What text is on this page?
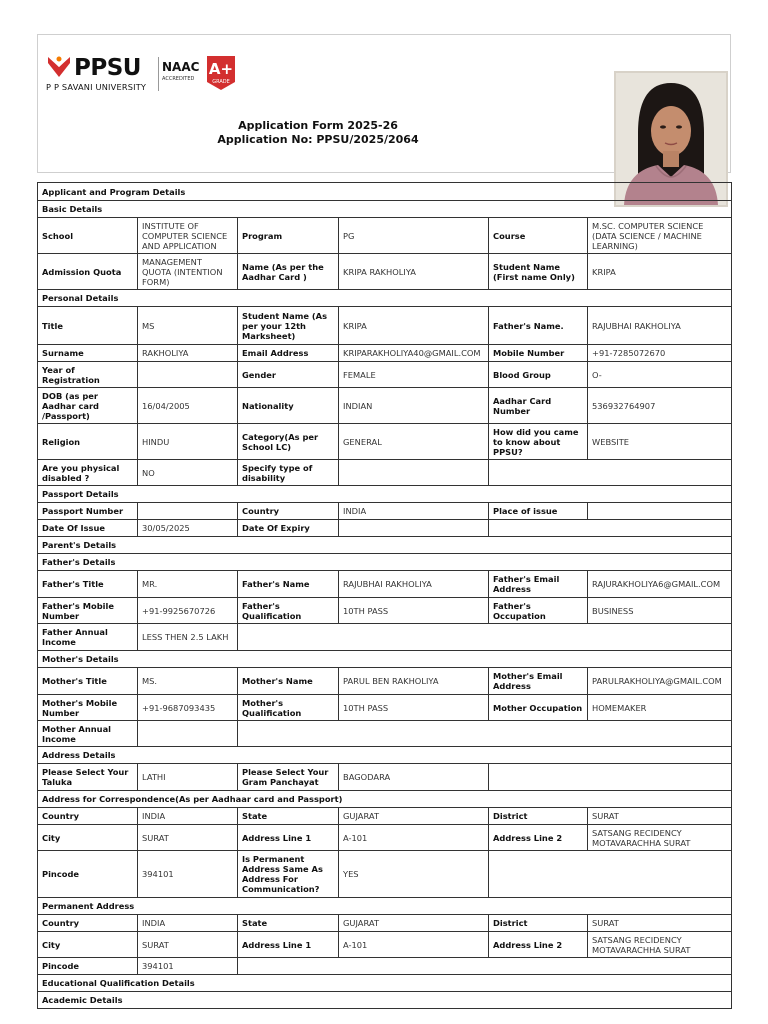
PPSU
P P SAVANI UNIVERSITY
NAAC
ACCREDITED
A+
GRADE
Application Form 2025-26
Application No: PPSU/2025/2064
Applicant and Program Details					
Basic Details					
School	INSTITUTE OF COMPUTER SCIENCE AND APPLICATION	Program	PG	Course	M.SC. COMPUTER SCIENCE (DATA SCIENCE / MACHINE LEARNING)
Admission Quota	MANAGEMENT QUOTA (INTENTION FORM)	Name (As per the Aadhar Card )	KRIPA RAKHOLIYA	Student Name (First name Only)	KRIPA
Personal Details					
Title	MS	Student Name (As per your 12th Marksheet)	KRIPA	Father's Name.	RAJUBHAI RAKHOLIYA
Surname	RAKHOLIYA	Email Address	KRIPARAKHOLIYA40@GMAIL.COM	Mobile Number	+91-7285072670
Year of Registration		Gender	FEMALE	Blood Group	O-
DOB (as per Aadhar card /Passport)	16/04/2005	Nationality	INDIAN	Aadhar Card Number	536932764907
Religion	HINDU	Category(As per School LC)	GENERAL	How did you came to know about PPSU?	WEBSITE
Are you physical disabled ?	NO	Specify type of disability			
Passport Details					
Passport Number		Country	INDIA	Place of issue	
Date Of Issue	30/05/2025	Date Of Expiry			
Parent's Details					
Father's Details					
Father's Title	MR.	Father's Name	RAJUBHAI RAKHOLIYA	Father's Email Address	RAJURAKHOLIYA6@GMAIL.COM
Father's Mobile Number	+91-9925670726	Father's Qualification	10TH PASS	Father's Occupation	BUSINESS
Father Annual Income	LESS THEN 2.5 LAKH				
Mother's Details					
Mother's Title	MS.	Mother's Name	PARUL BEN RAKHOLIYA	Mother's Email Address	PARULRAKHOLIYA@GMAIL.COM
Mother's Mobile Number	+91-9687093435	Mother's Qualification	10TH PASS	Mother Occupation	HOMEMAKER
Mother Annual Income					
Address Details					
Please Select Your Taluka	LATHI	Please Select Your Gram Panchayat	BAGODARA		
Address for Correspondence(As per Aadhaar card and Passport)					
Country	INDIA	State	GUJARAT	District	SURAT
City	SURAT	Address Line 1	A-101	Address Line 2	SATSANG RECIDENCY MOTAVARACHHA SURAT
Pincode	394101	Is Permanent Address Same As Address For Communication?	YES		
Permanent Address					
Country	INDIA	State	GUJARAT	District	SURAT
City	SURAT	Address Line 1	A-101	Address Line 2	SATSANG RECIDENCY MOTAVARACHHA SURAT
Pincode	394101				
Educational Qualification Details					
Academic Details					
